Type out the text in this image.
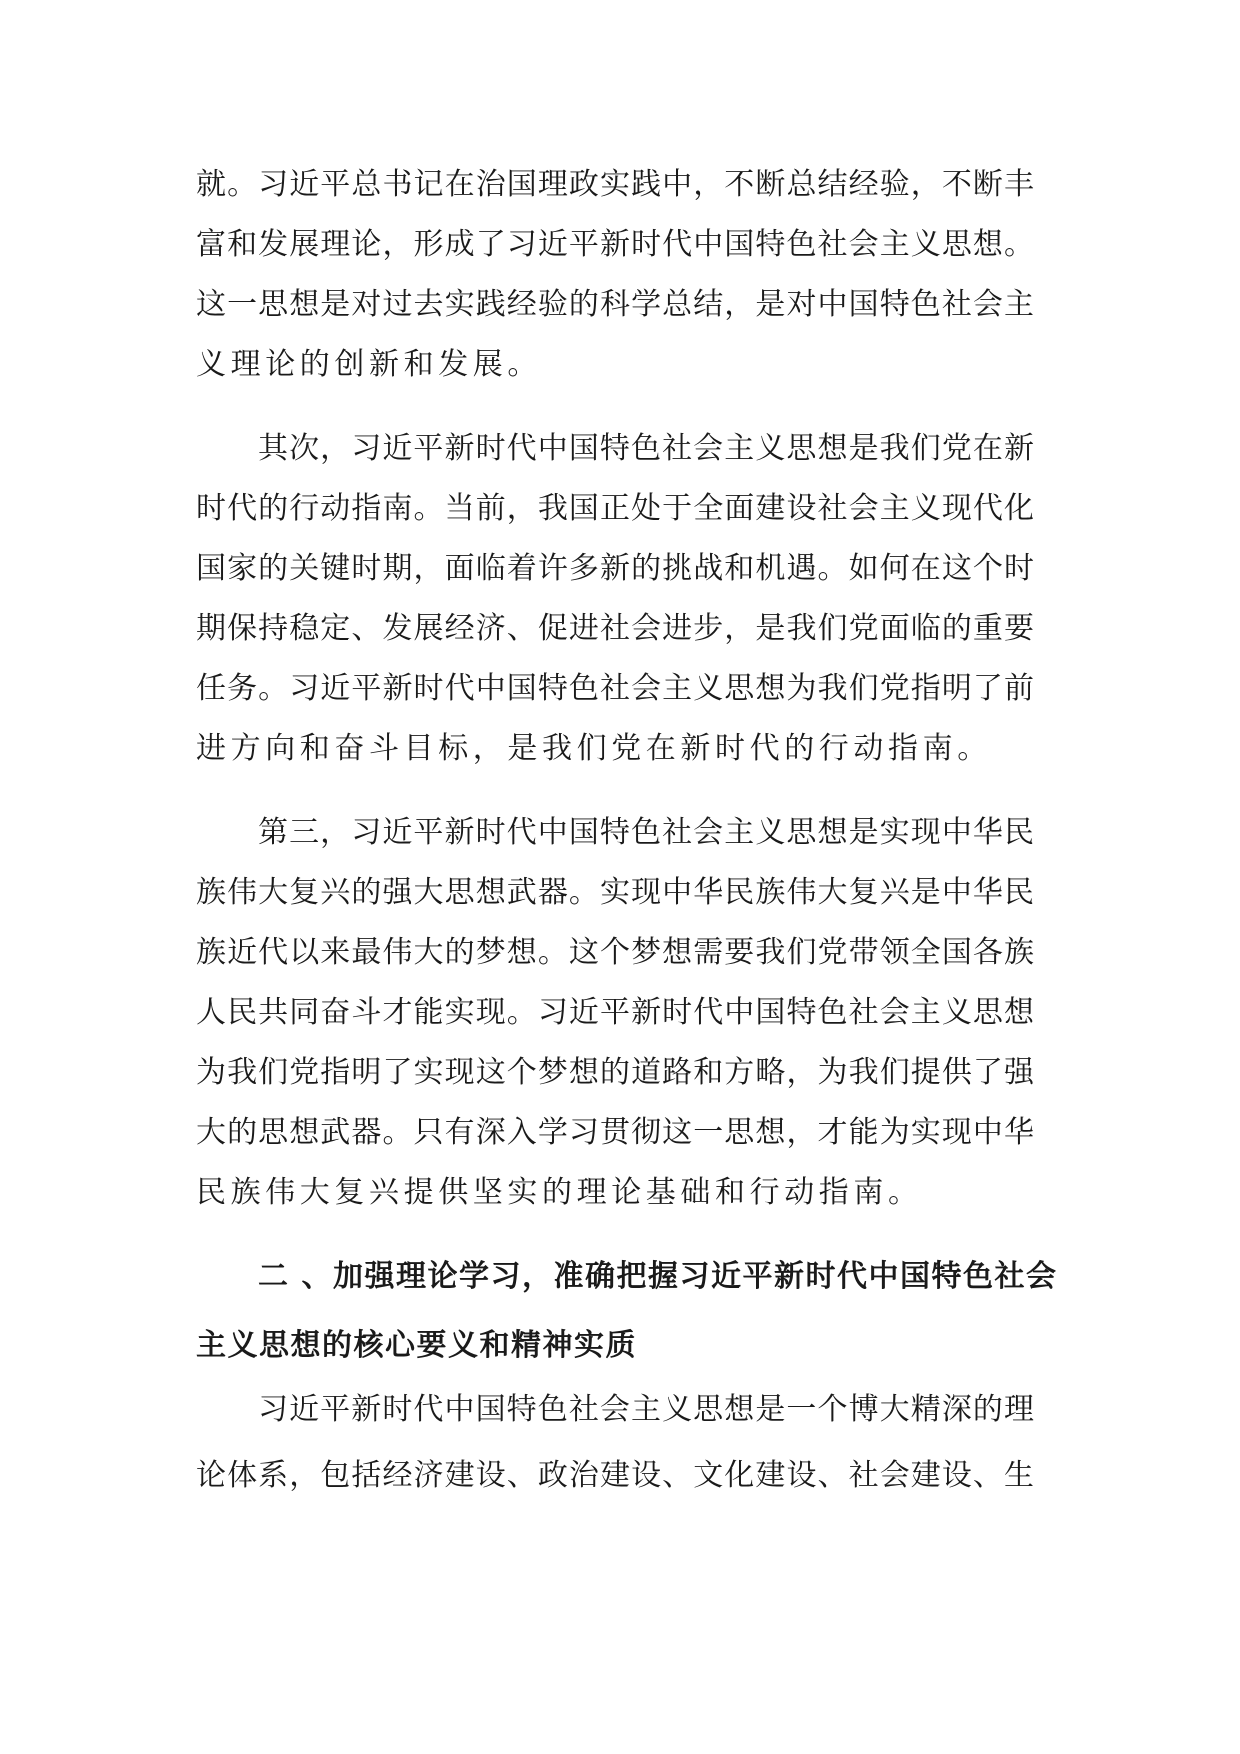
就。习近平总书记在治国理政实践中，不断总结经验，不断丰
富和发展理论，形成了习近平新时代中国特色社会主义思想。
这一思想是对过去实践经验的科学总结，是对中国特色社会主
义理论的创新和发展。
其次，习近平新时代中国特色社会主义思想是我们党在新
时代的行动指南。当前，我国正处于全面建设社会主义现代化
国家的关键时期，面临着许多新的挑战和机遇。如何在这个时
期保持稳定、发展经济、促进社会进步，是我们党面临的重要
任务。习近平新时代中国特色社会主义思想为我们党指明了前
进方向和奋斗目标，是我们党在新时代的行动指南。
第三，习近平新时代中国特色社会主义思想是实现中华民
族伟大复兴的强大思想武器。实现中华民族伟大复兴是中华民
族近代以来最伟大的梦想。这个梦想需要我们党带领全国各族
人民共同奋斗才能实现。习近平新时代中国特色社会主义思想
为我们党指明了实现这个梦想的道路和方略，为我们提供了强
大的思想武器。只有深入学习贯彻这一思想，才能为实现中华
民族伟大复兴提供坚实的理论基础和行动指南。
二 、加强理论学习，准确把握习近平新时代中国特色社会
主义思想的核心要义和精神实质
习近平新时代中国特色社会主义思想是一个博大精深的理
论体系，包括经济建设、政治建设、文化建设、社会建设、生
